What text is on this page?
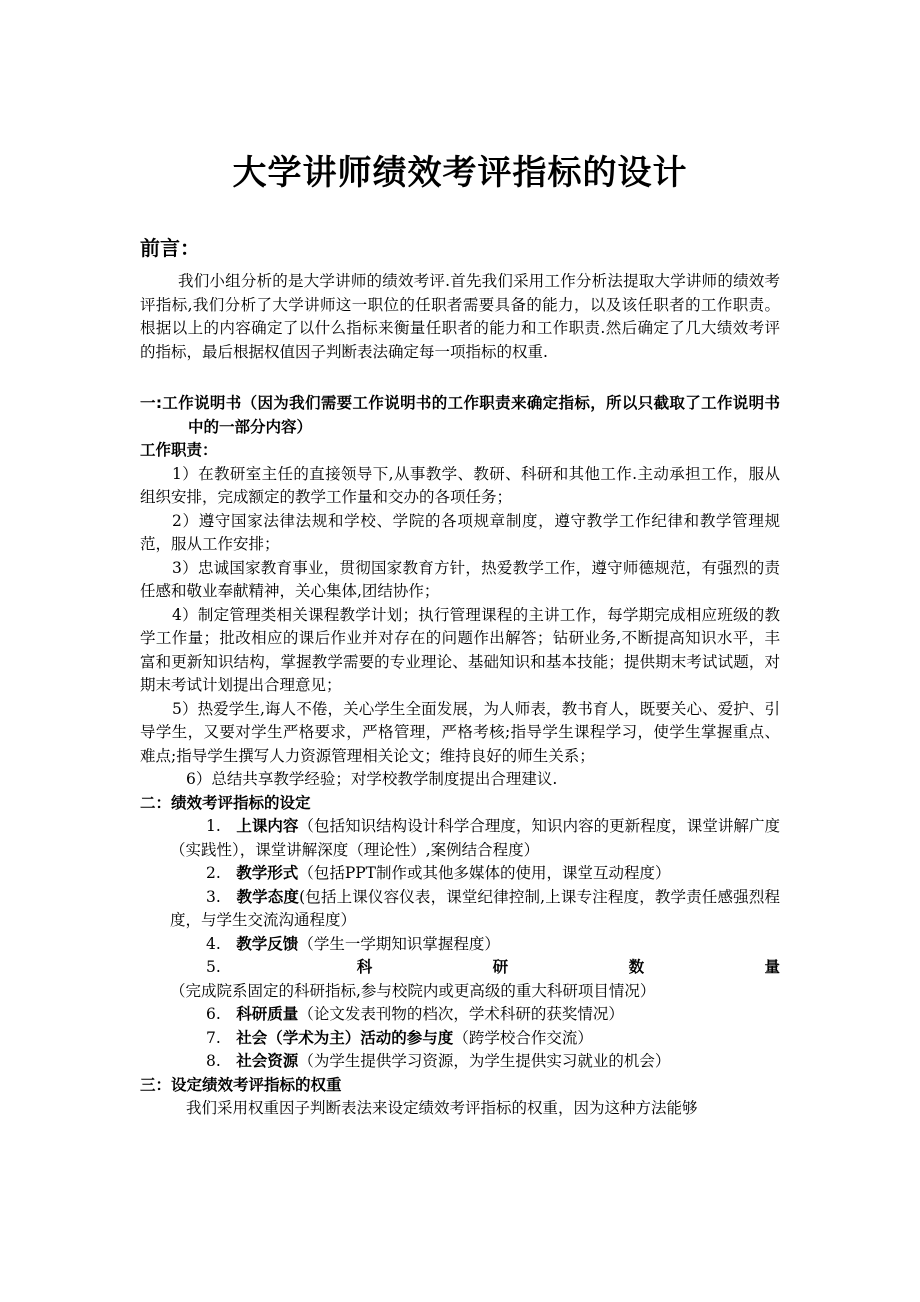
大学讲师绩效考评指标的设计
前言：
我们小组分析的是大学讲师的绩效考评.首先我们采用工作分析法提取大学讲师的绩效考评指标,我们分析了大学讲师这一职位的任职者需要具备的能力，以及该任职者的工作职责。根据以上的内容确定了以什么指标来衡量任职者的能力和工作职责.然后确定了几大绩效考评的指标，最后根据权值因子判断表法确定每一项指标的权重.
一:工作说明书（因为我们需要工作说明书的工作职责来确定指标，所以只截取了工作说明书中的一部分内容）
工作职责：

1）在教研室主任的直接领导下,从事教学、教研、科研和其他工作.主动承担工作，服从组织安排，完成额定的教学工作量和交办的各项任务；

2）遵守国家法律法规和学校、学院的各项规章制度，遵守教学工作纪律和教学管理规范，服从工作安排；

3）忠诚国家教育事业，贯彻国家教育方针，热爱教学工作，遵守师德规范，有强烈的责任感和敬业奉献精神，关心集体,团结协作；

4）制定管理类相关课程教学计划；执行管理课程的主讲工作，每学期完成相应班级的教学工作量；批改相应的课后作业并对存在的问题作出解答；钻研业务,不断提高知识水平，丰富和更新知识结构，掌握教学需要的专业理论、基础知识和基本技能；提供期末考试试题，对期末考试计划提出合理意见；

5）热爱学生,诲人不倦，关心学生全面发展，为人师表，教书育人，既要关心、爱护、引导学生，又要对学生严格要求，严格管理，严格考核;指导学生课程学习，使学生掌握重点、难点;指导学生撰写人力资源管理相关论文；维持良好的师生关系；

6）总结共享教学经验；对学校教学制度提出合理建议.

二：绩效考评指标的设定

1.  上课内容（包括知识结构设计科学合理度，知识内容的更新程度，课堂讲解广度（实践性），课堂讲解深度（理论性）,案例结合程度）

2.  教学形式（包括PPT制作或其他多媒体的使用，课堂互动程度）

3.  教学态度(包括上课仪容仪表，课堂纪律控制,上课专注程度，教学责任感强烈程度，与学生交流沟通程度）

4.  教学反馈（学生一学期知识掌握程度）

5.  科研数量（完成院系固定的科研指标,参与校院内或更高级的重大科研项目情况）

6.  科研质量（论文发表刊物的档次，学术科研的获奖情况）

7.  社会（学术为主）活动的参与度（跨学校合作交流）

8.  社会资源（为学生提供学习资源，为学生提供实习就业的机会）

三：设定绩效考评指标的权重

我们采用权重因子判断表法来设定绩效考评指标的权重，因为这种方法能够
